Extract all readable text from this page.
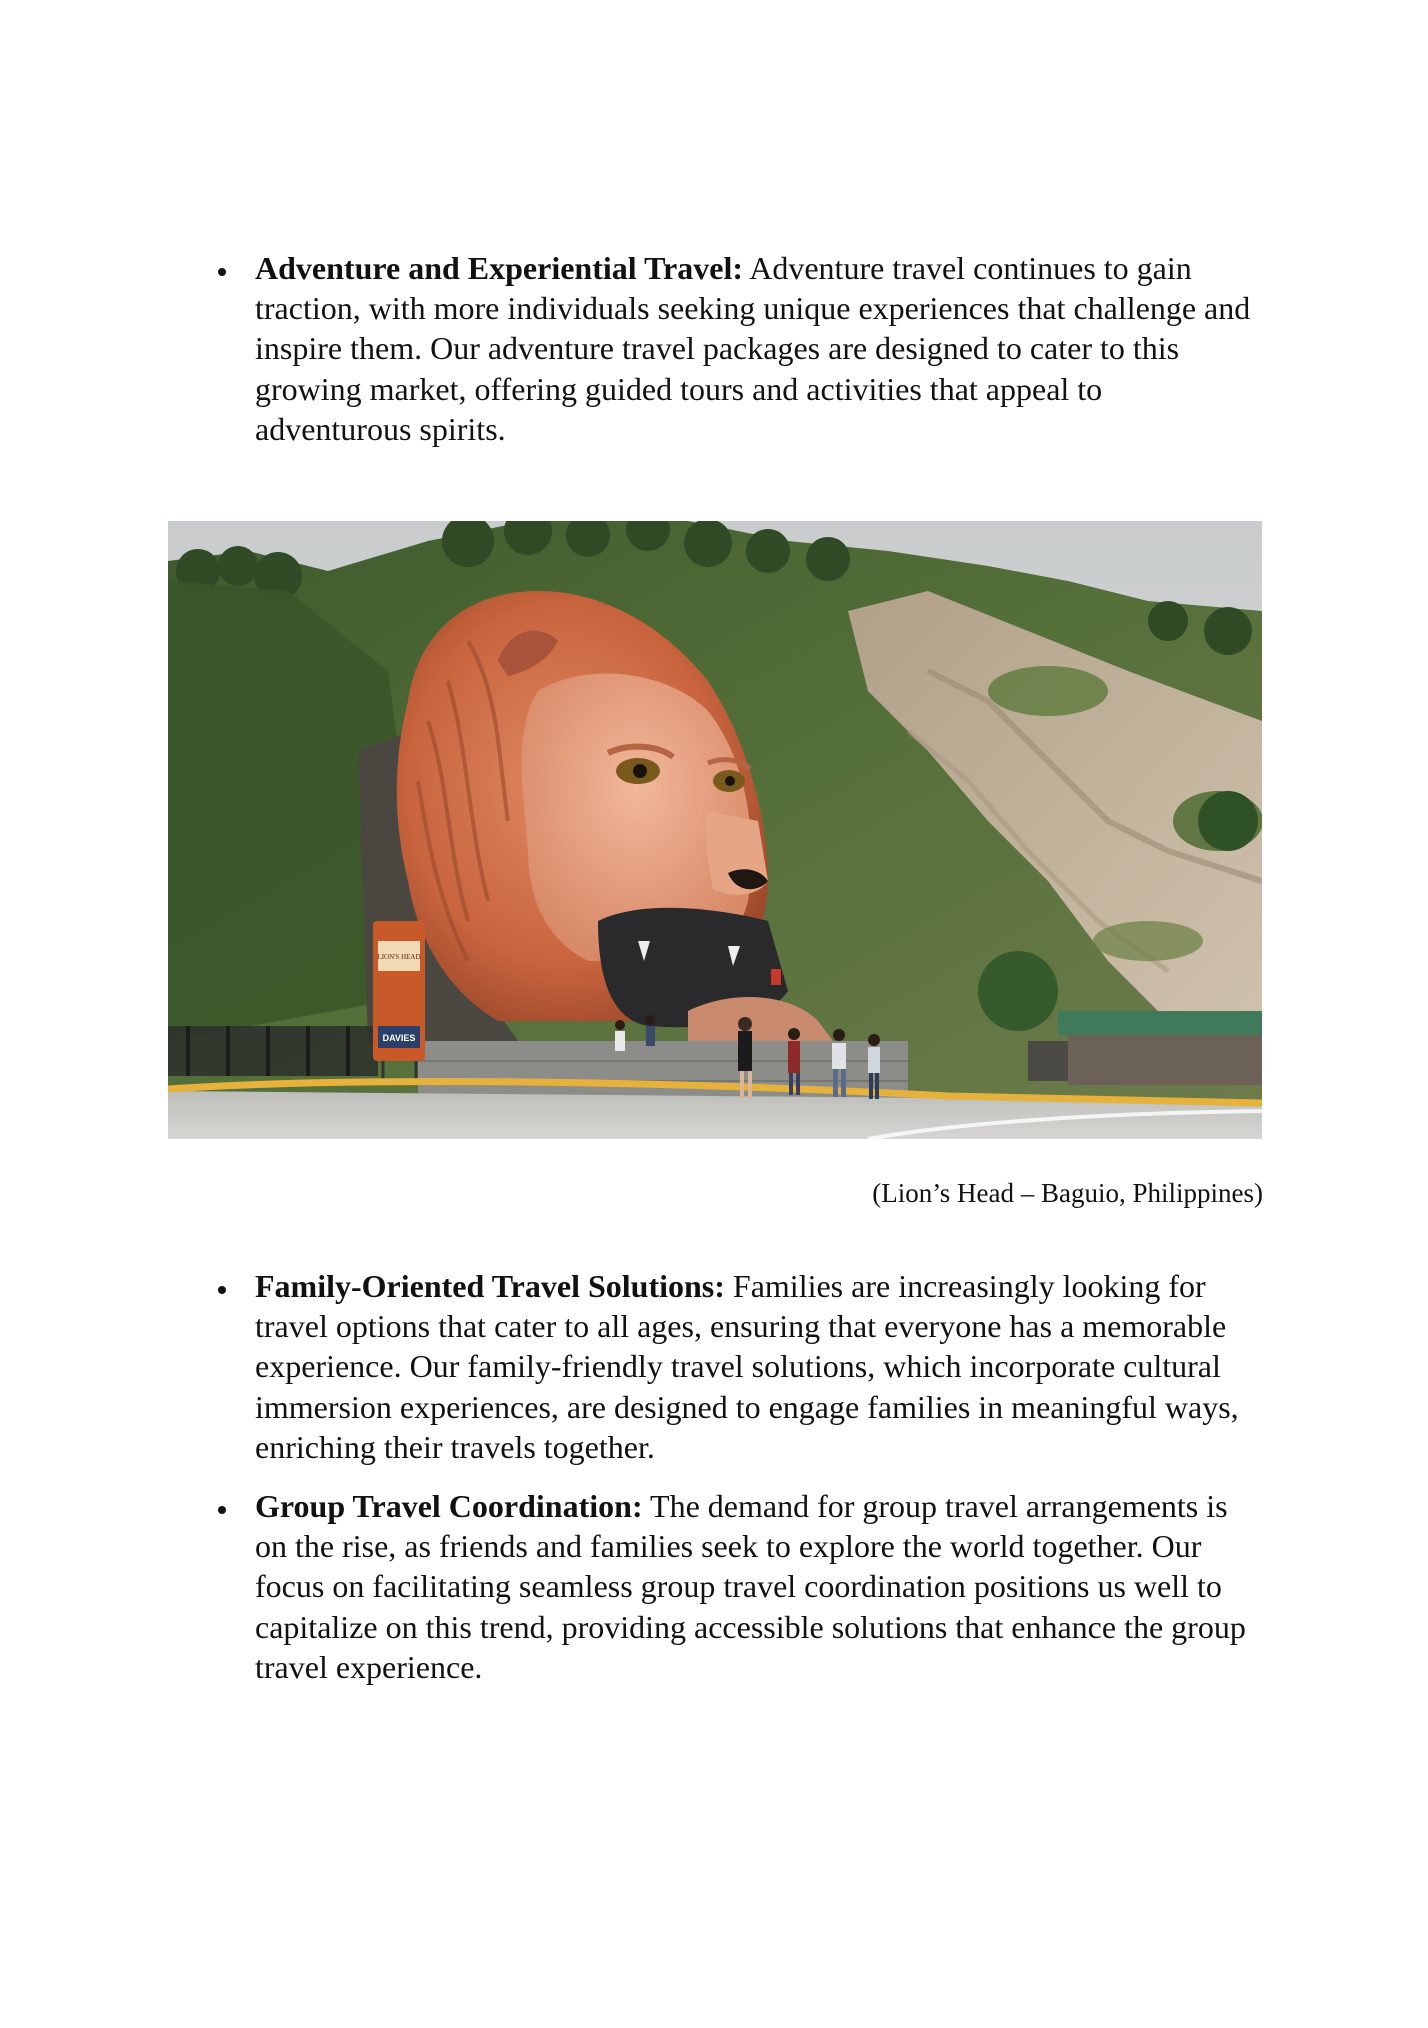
Adventure and Experiential Travel: Adventure travel continues to gain traction, with more individuals seeking unique experiences that challenge and inspire them. Our adventure travel packages are designed to cater to this growing market, offering guided tours and activities that appeal to adventurous spirits.
LION'S HEAD
DAVIES
(Lion’s Head – Baguio, Philippines)
Family-Oriented Travel Solutions: Families are increasingly looking for travel options that cater to all ages, ensuring that everyone has a memorable experience. Our family-friendly travel solutions, which incorporate cultural immersion experiences, are designed to engage families in meaningful ways, enriching their travels together.
Group Travel Coordination: The demand for group travel arrangements is on the rise, as friends and families seek to explore the world together. Our focus on facilitating seamless group travel coordination positions us well to capitalize on this trend, providing accessible solutions that enhance the group travel experience.
